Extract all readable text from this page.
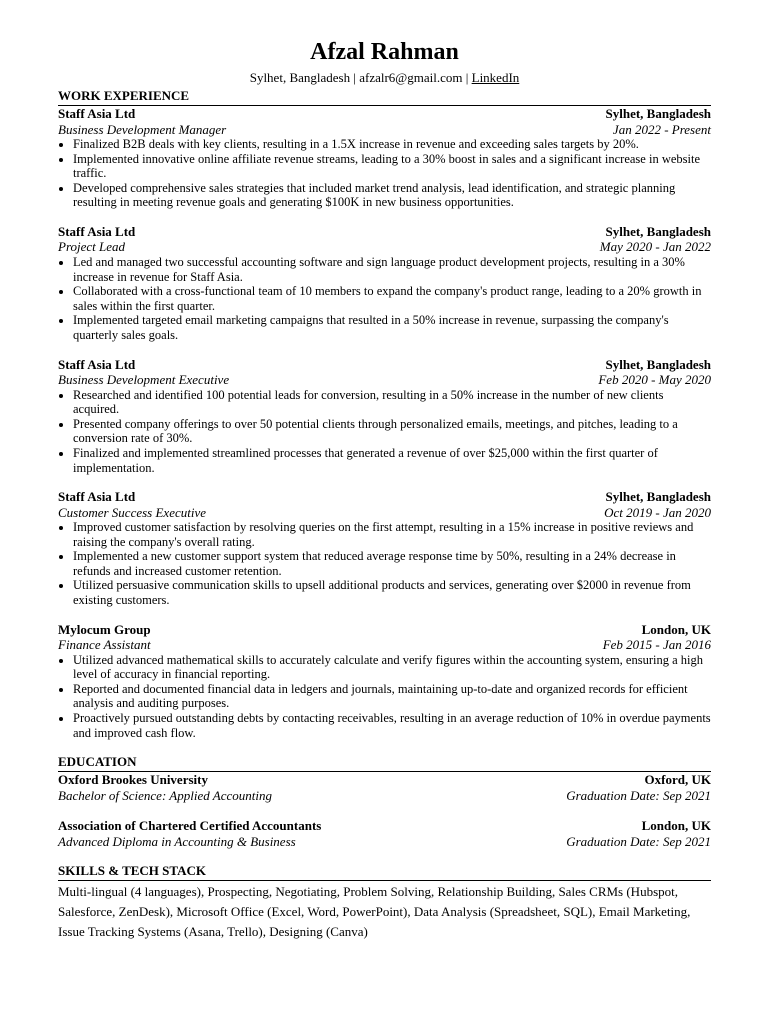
Afzal Rahman
Sylhet, Bangladesh | afzalr6@gmail.com | LinkedIn
WORK EXPERIENCE
Staff Asia Ltd	Sylhet, Bangladesh
Business Development Manager	Jan 2022 - Present
• Finalized B2B deals with key clients, resulting in a 1.5X increase in revenue and exceeding sales targets by 20%.
• Implemented innovative online affiliate revenue streams, leading to a 30% boost in sales and a significant increase in website traffic.
• Developed comprehensive sales strategies that included market trend analysis, lead identification, and strategic planning resulting in meeting revenue goals and generating $100K in new business opportunities.
Staff Asia Ltd	Sylhet, Bangladesh
Project Lead	May 2020 - Jan 2022
• Led and managed two successful accounting software and sign language product development projects, resulting in a 30% increase in revenue for Staff Asia.
• Collaborated with a cross-functional team of 10 members to expand the company's product range, leading to a 20% growth in sales within the first quarter.
• Implemented targeted email marketing campaigns that resulted in a 50% increase in revenue, surpassing the company's quarterly sales goals.
Staff Asia Ltd	Sylhet, Bangladesh
Business Development Executive	Feb 2020 - May 2020
• Researched and identified 100 potential leads for conversion, resulting in a 50% increase in the number of new clients acquired.
• Presented company offerings to over 50 potential clients through personalized emails, meetings, and pitches, leading to a conversion rate of 30%.
• Finalized and implemented streamlined processes that generated a revenue of over $25,000 within the first quarter of implementation.
Staff Asia Ltd	Sylhet, Bangladesh
Customer Success Executive	Oct 2019 - Jan 2020
• Improved customer satisfaction by resolving queries on the first attempt, resulting in a 15% increase in positive reviews and raising the company's overall rating.
• Implemented a new customer support system that reduced average response time by 50%, resulting in a 24% decrease in refunds and increased customer retention.
• Utilized persuasive communication skills to upsell additional products and services, generating over $2000 in revenue from existing customers.
Mylocum Group	London, UK
Finance Assistant	Feb 2015 - Jan 2016
• Utilized advanced mathematical skills to accurately calculate and verify figures within the accounting system, ensuring a high level of accuracy in financial reporting.
• Reported and documented financial data in ledgers and journals, maintaining up-to-date and organized records for efficient analysis and auditing purposes.
• Proactively pursued outstanding debts by contacting receivables, resulting in an average reduction of 10% in overdue payments and improved cash flow.
EDUCATION
Oxford Brookes University	Oxford, UK
Bachelor of Science: Applied Accounting	Graduation Date: Sep 2021
Association of Chartered Certified Accountants	London, UK
Advanced Diploma in Accounting & Business	Graduation Date: Sep 2021
SKILLS & TECH STACK
Multi-lingual (4 languages), Prospecting, Negotiating, Problem Solving, Relationship Building, Sales CRMs (Hubspot, Salesforce, ZenDesk), Microsoft Office (Excel, Word, PowerPoint), Data Analysis (Spreadsheet, SQL), Email Marketing, Issue Tracking Systems (Asana, Trello), Designing (Canva)
